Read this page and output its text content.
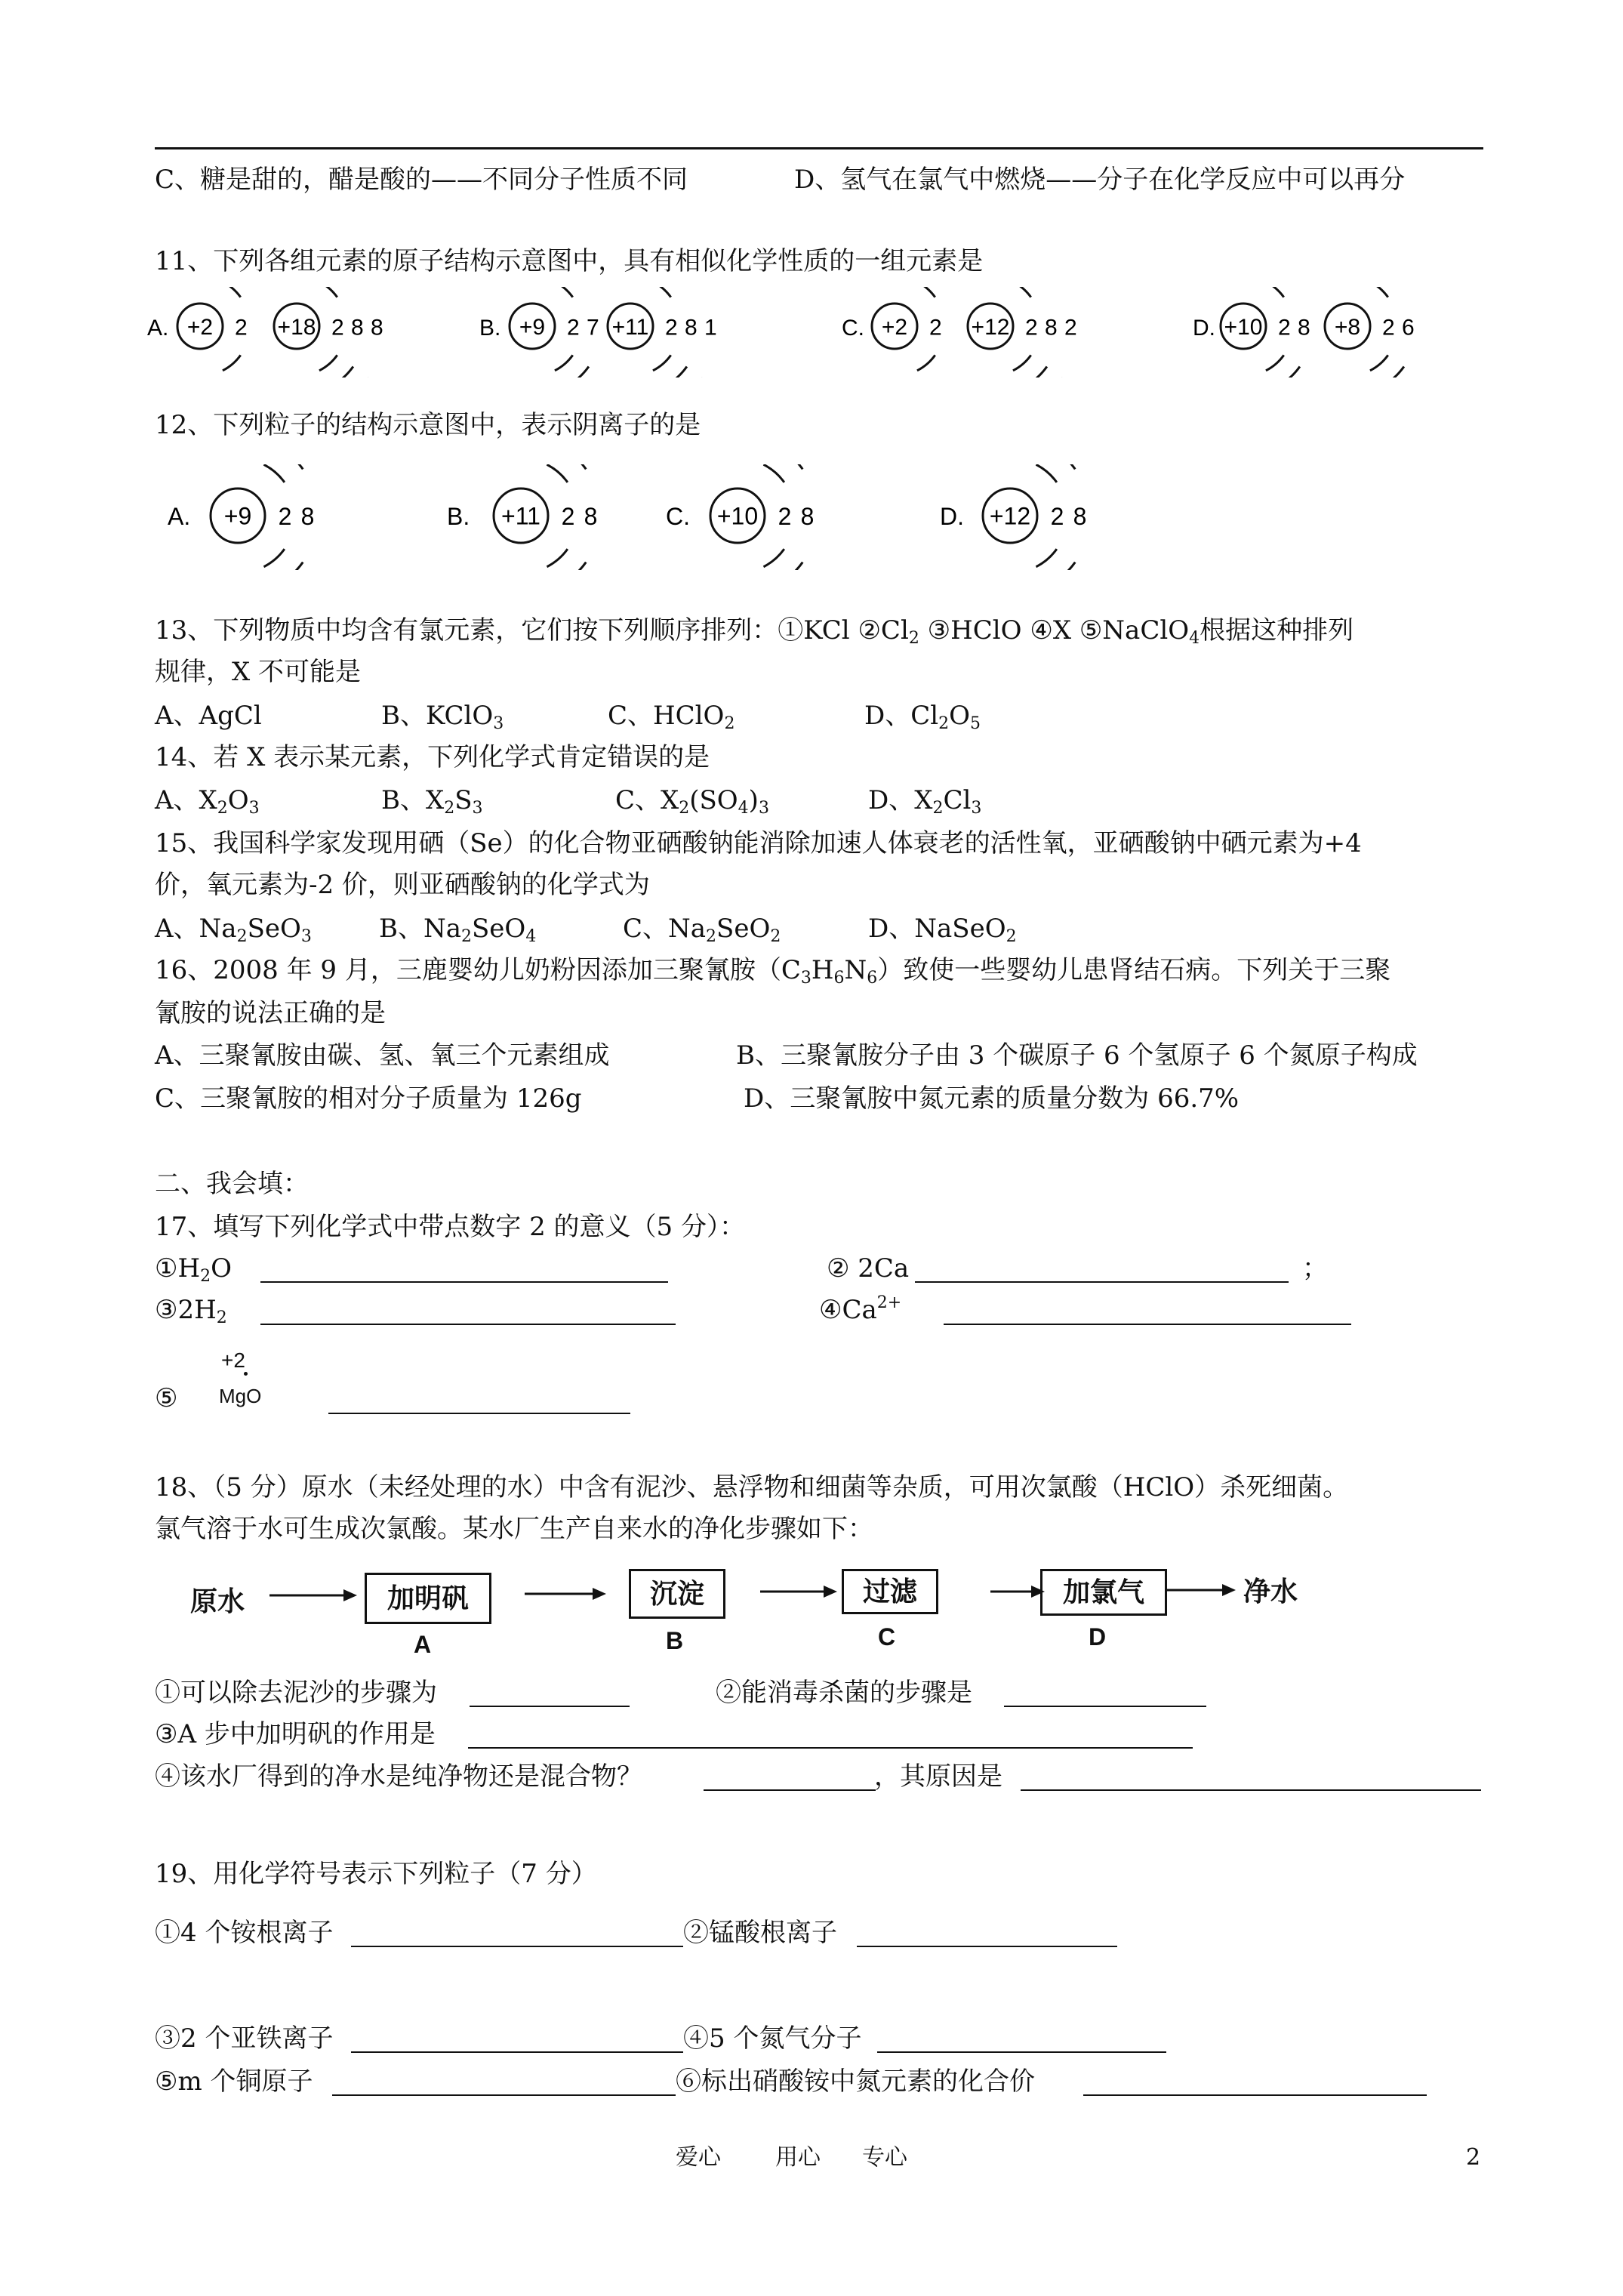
C、糖是甜的，醋是酸的——不同分子性质不同	D、氢气在氯气中燃烧——分子在化学反应中可以再分
11、下列各组元素的原子结构示意图中，具有相似化学性质的一组元素是
A. +2 2 +18 2 8 8	B. +9 2 7 +11 2 8 1	C. +2 2 +12 2 8 2	D. +10 2 8 +8 2 6
12、下列粒子的结构示意图中，表示阴离子的是
A. +9 2 8	B. +11 2 8	C. +10 2 8	D. +12 2 8
13、下列物质中均含有氯元素，它们按下列顺序排列：①KCl $②Cl_2$ ③HClO ④X ⑤NaClO$_4$根据这种排列
规律，X 不可能是
A、AgCl	B、KClO$_3$	C、HClO$_2$	D、$Cl_2O_5$
14、若 X 表示某元素，下列化学式肯定错误的是
A、$X_2O_3$	B、$X_2S_3$	C、$X_2(SO_4)_3$	D、$X_2Cl_3$
15、我国科学家发现用硒（Se）的化合物亚硒酸钠能消除加速人体衰老的活性氧，亚硒酸钠中硒元素为+4
价，氧元素为-2 价，则亚硒酸钠的化学式为
A、$Na_2SeO_3$	B、$Na_2SeO_4$	C、$Na_2SeO_2$	D、NaSeO$_2$
16、2008 年 9 月，三鹿婴幼儿奶粉因添加三聚氰胺$(C_3H_6N_6)$致使一些婴幼儿患肾结石病。下列关于三聚
氰胺的说法正确的是
A、三聚氰胺由碳、氢、氧三个元素组成	B、三聚氰胺分子由 3 个碳原子 6 个氢原子 6 个氮原子构成
C、三聚氰胺的相对分子质量为 126g	D、三聚氰胺中氮元素的质量分数为 66.7%
二、我会填：
17、填写下列化学式中带点数字 2 的意义（5 分）：
$①H_2O$	② 2Ca	；
$③2H_2$	$④Ca^{2+}$
⑤
+2
MgO
18、（5 分）原水（未经处理的水）中含有泥沙、悬浮物和细菌等杂质，可用次氯酸（HClO）杀死细菌。
氯气溶于水可生成次氯酸。某水厂生产自来水的净化步骤如下：
原水	加明矾
A
沉淀
B
过滤
C
加氯气
D
净水
①可以除去泥沙的步骤为	②能消毒杀菌的步骤是
③A 步中加明矾的作用是
④该水厂得到的净水是纯净物还是混合物？	，其原因是
19、用化学符号表示下列粒子（7 分）
①4 个铵根离子	②锰酸根离子
③2 个亚铁离子	④5 个氮气分子
⑤m 个铜原子	⑥标出硝酸铵中氮元素的化合价
爱心 用心 专心	2
